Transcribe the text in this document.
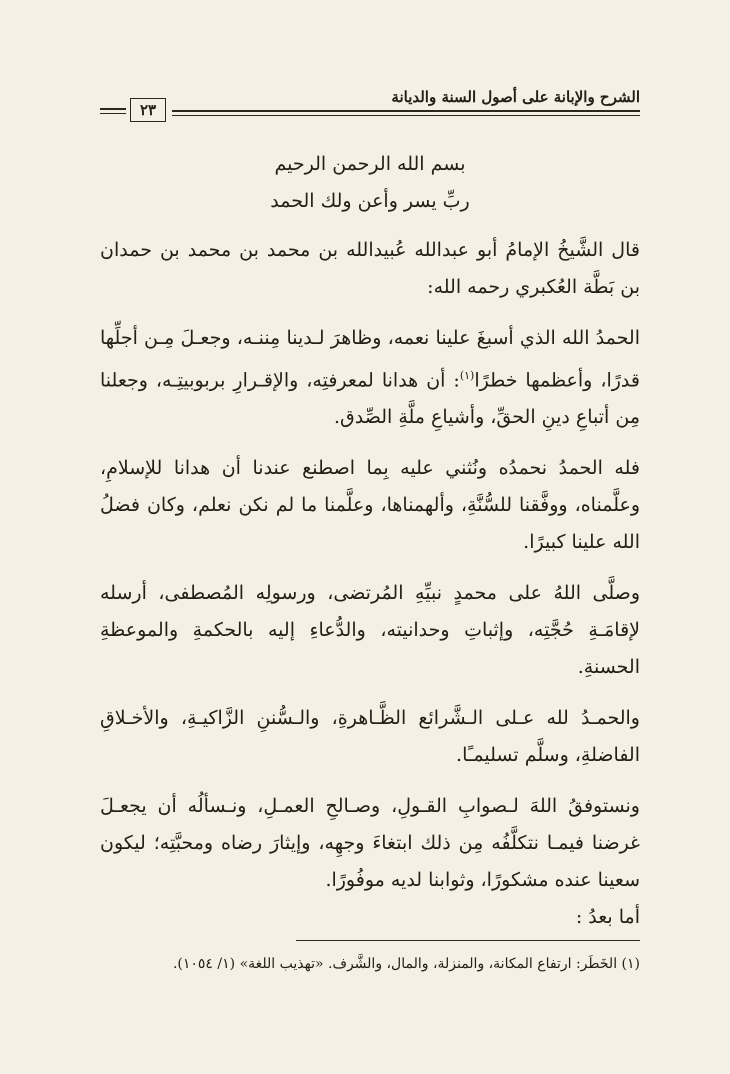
الشرح والإبانة على أصول السنة والديانة
٢٣

بسم الله الرحمن الرحيم

ربِّ يسر وأعن ولك الحمد

قال الشَّيخُ الإمامُ أبو عبدالله عُبيدالله بن محمد بن محمد بن حمدان بن بَطَّة العُكبري رحمه الله:

الحمدُ الله الذي أسبغَ علينا نعمه، وظاهرَ لـدينا مِننـه، وجعـلَ مِـن أجلِّها قدرًا، وأعظمها خطرًا$^{(١)}$: أن هدانا لمعرفتِه، والإقـرارِ بربوبيتِـه، وجعلنا مِن أتباعِ دينِ الحقِّ، وأشياعِ ملَّةِ الصِّدق.

فله الحمدُ نحمدُه ونُثني عليه بِما اصطنع عندنا أن هدانا للإسلامِ، وعلَّمناه، ووفَّقنا للسُّنَّةِ، وألهمناها، وعلَّمنا ما لم نكن نعلم، وكان فضلُ الله علينا كبيرًا.

وصلَّى اللهُ على محمدٍ نبيِّهِ المُرتضى، ورسولِه المُصطفى، أرسله لإقامَـةِ حُجَّتِه، وإثباتِ وحدانيته، والدُّعاءِ إليه بالحكمةِ والموعظةِ الحسنةِ.

والحمـدُ لله عـلى الـشَّرائع الظَّـاهرةِ، والـسُّننِ الزَّاكيـةِ، والأخـلاقِ الفاضلةِ، وسلَّم تسليمـًا.

ونستوفقُ اللهَ لـصوابِ القـولِ، وصـالحِ العمـلِ، ونـسألُه أن يجعـلَ غرضنا فيمـا نتكلَّفُه مِن ذلك ابتغاءَ وجهِه، وإيثارَ رضاه ومحبَّتِه؛ ليكون سعينا عنده مشكورًا، وثوابنا لديه موفُورًا.

أما بعدُ :

(١) الخَطَر: ارتفاع المكانة، والمنزلة، والمال، والشَّرف. «تهذيب اللغة» (١/ ١٠٥٤).
